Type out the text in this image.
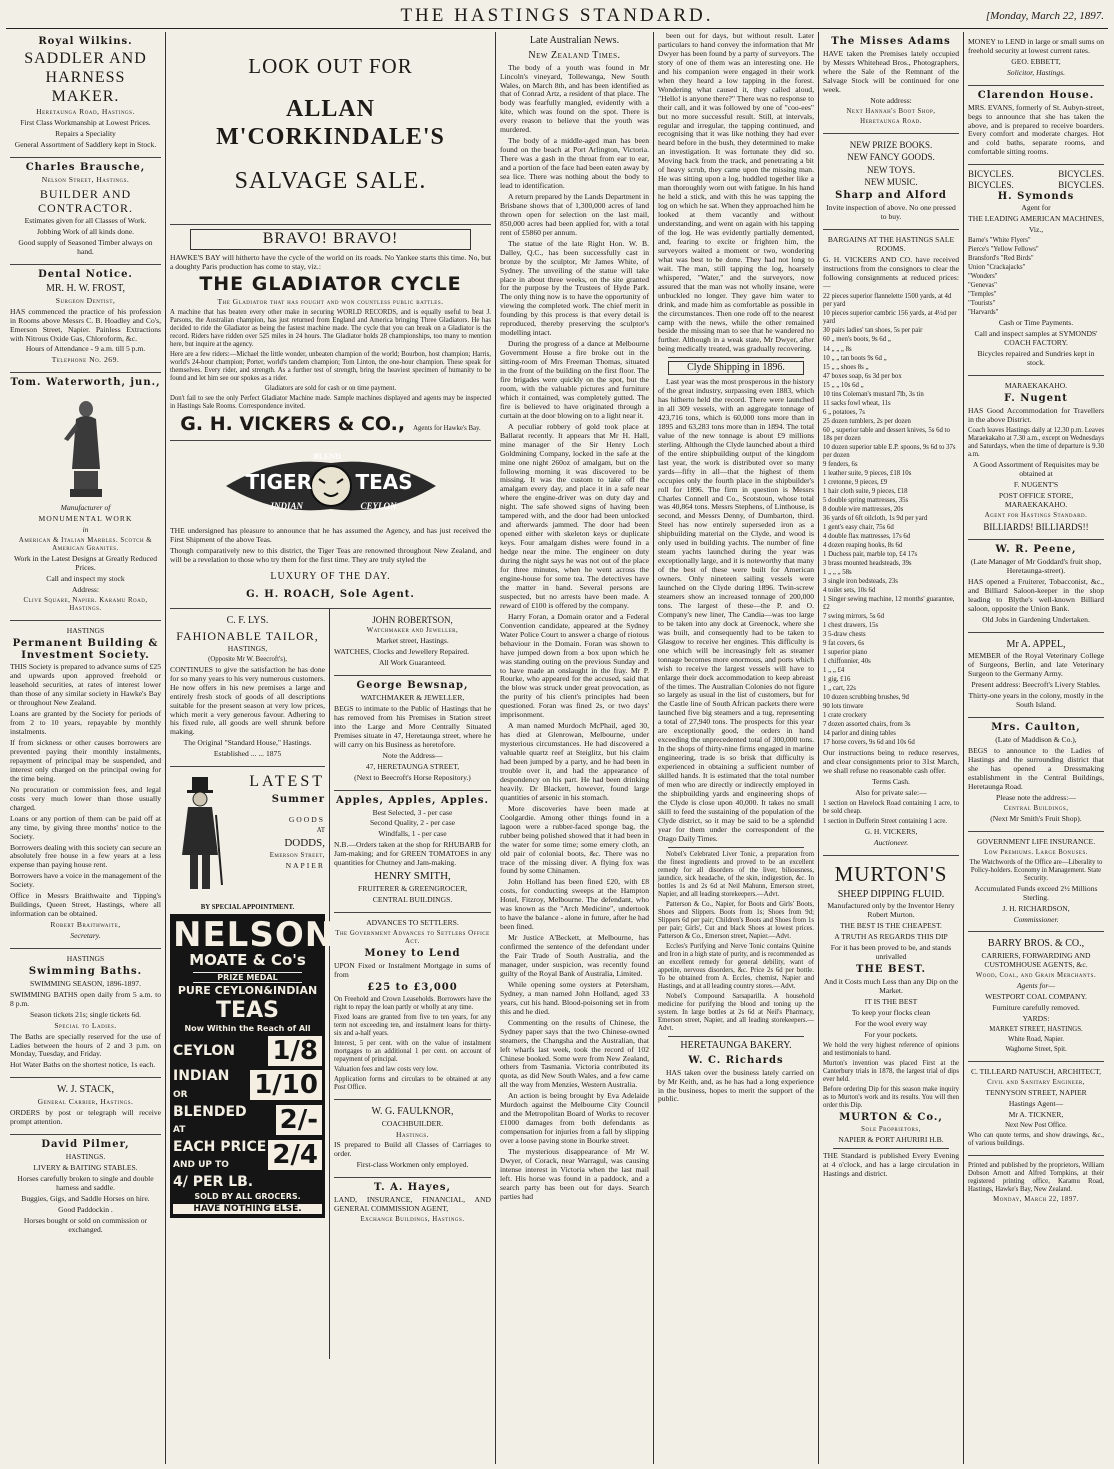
THE HASTINGS STANDARD.	[Monday, March 22, 1897.
Royal Wilkins.

SADDLER AND HARNESS MAKER.

Heretaunga Road, Hastings.

First Class Workmanship at Lowest Prices.

Repairs a Speciality

General Assortment of Saddlery kept in Stock.

Charles Brausche,

Nelson Street, Hastings.

BUILDER AND CONTRACTOR.

Estimates given for all Classes of Work.

Jobbing Work of all kinds done.

Good supply of Seasoned Timber always on hand.

Dental Notice.

MR. H. W. FROST,

Surgeon Dentist,

HAS commenced the practice of his profession in Rooms above Messrs C. B. Hoadley and Co's, Emerson Street, Napier. Painless Extractions with Nitrous Oxide Gas, Chloroform, &c.

Hours of Attendance - 9 a.m. till 5 p.m.

Telephone No. 269.

Tom. Waterworth, jun.,

Manufacturer of

MONUMENTAL WORK

in

American & Italian Marbles. Scotch & American Granites.

Work in the Latest Designs at Greatly Reduced Prices.

Call and inspect my stock

Address:

Clive Square, Napier. Karamu Road, Hastings.

HASTINGS

Permanent Building & Investment Society.

THIS Society is prepared to advance sums of £25 and upwards upon approved freehold or leasehold securities, at rates of interest lower than those of any similar society in Hawke's Bay or throughout New Zealand.

Loans are granted by the Society for periods of from 2 to 10 years, repayable by monthly instalments.

If from sickness or other causes borrowers are prevented paying their monthly instalments, repayment of principal may be suspended, and interest only charged on the principal owing for the time being.

No procuration or commission fees, and legal costs very much lower than those usually charged.

Loans or any portion of them can be paid off at any time, by giving three months' notice to the Society.

Borrowers dealing with this society can secure an absolutely free house in a few years at a less expense than paying house rent.

Borrowers have a voice in the management of the Society.

Office in Messrs Braithwaite and Tipping's Buildings, Queen Street, Hastings, where all information can be obtained.

Robert Braithwaite,

Secretary.

HASTINGS

Swimming Baths.

SWIMMING SEASON, 1896-1897.

SWIMMING BATHS open daily from 5 a.m. to 8 p.m.

Season tickets 21s; single tickets 6d.

Special to Ladies.

The Baths are specially reserved for the use of Ladies between the hours of 2 and 3 p.m. on Monday, Tuesday, and Friday.

Hot Water Baths on the shortest notice, 1s each.

W. J. STACK,

General Carrier, Hastings.

ORDERS by post or telegraph will receive prompt attention.

David Pilmer,

HASTINGS.

LIVERY & BAITING STABLES.

Horses carefully broken to single and double harness and saddle.

Buggies, Gigs, and Saddle Horses on hire.

Good Paddockin .

Horses bought or sold on commission or exchanged.

LOOK OUT FOR

ALLAN M'CORKINDALE'S

SALVAGE SALE.

BRAVO! BRAVO!

HAWKE'S BAY will hitherto have the cycle of the world on its roads. No Yankee starts this time. No, but a doughty Paris production has come to stay, viz.:

THE GLADIATOR CYCLE

The Gladiator that has fought and won countless public battles.

A machine that has beaten every other make in securing WORLD RECORDS, and is equally useful to beat J. Parsons, the Australian champion, has just returned from England and America bringing Three Gladiators. He has decided to ride the Gladiator as being the fastest machine made. The cycle that you can break on a Gladiator is the record. Riders have ridden over 525 miles in 24 hours. The Gladiator holds 28 championships, too many to mention here, but inquire at the agency.

Here are a few riders:—Michael the little wonder, unbeaten champion of the world; Bourbon, host champion; Harris, world's 24-hour champion; Porter, world's tandem champion; Tom Linton, the one-hour champion. These speak for themselves. Every rider, and strength. As a further test of strength, bring the heaviest specimen of humanity to be found and let him see our spokes as a rider.

Gladiators are sold for cash or on time payment.

Don't fail to see the only Perfect Gladiator Machine made. Sample machines displayed and agents may be inspected in Hastings Sale Rooms. Correspondence invited.

G. H. VICKERS & CO., Agents for Hawke's Bay.
BLEND
TIGER TEAS
INDIAN	CEYLON

THE undersigned has pleasure to announce that he has assumed the Agency, and has just received the First Shipment of the above Teas.

Though comparatively new to this district, the Tiger Teas are renowned throughout New Zealand, and will be a revelation to those who try them for the first time. They are truly styled the

LUXURY OF THE DAY.

G. H. ROACH, Sole Agent.

C. F. LYS.

FAHIONABLE TAILOR,

HASTINGS,

(Opposite Mr W. Beecroft's),

CONTINUES to give the satisfaction he has done for so many years to his very numerous customers. He now offers in his new premises a large and entirely fresh stock of goods of all descriptions suitable for the present season at very low prices, which merit a very generous favour. Adhering to his fixed rule, all goods are well shrunk before making.

The Original "Standard House," Hastings.

Established ... ... 1875

LATEST

Summer

GOODS

AT

DODDS,

Emerson Street,

NAPIER

BY SPECIAL APPOINTMENT.

NELSON
MOATE & Co's
PRIZE MEDAL
PURE CEYLON&INDIAN
TEAS
Now Within the Reach of All
CEYLON 1/8
INDIAN
OR	1/10
BLENDED
AT	2/-
EACH PRICE
AND UP TO	2/4
4/ PER LB.
SOLD BY ALL GROCERS.
HAVE NOTHING ELSE.

JOHN ROBERTSON,

Watchmaker and Jeweller,

Market street, Hastings.

WATCHES, Clocks and Jewellery Repaired.

All Work Guaranteed.

George Bewsnap,

WATCHMAKER & JEWELLER,

BEGS to intimate to the Public of Hastings that he has removed from his Premises in Station street into the Large and More Centrally Situated Premises situate in 47, Heretaunga street, where he will carry on his Business as heretofore.

Note the Address—

47, HERETAUNGA STREET,

(Next to Beecroft's Horse Repository.)

Apples, Apples, Apples.

Best Selected, 3 - per case

Second Quality, 2 - per case

Windfalls, 1 - per case

N.B.—Orders taken at the shop for RHUBARB for Jam-making; and for GREEN TOMATOES in any quantities for Chutney and Jam-making.

HENRY SMITH,

FRUITERER & GREENGROCER,

CENTRAL BUILDINGS.

ADVANCES TO SETTLERS.

The Government Advances to Settlers Office Act.

Money to Lend

UPON Fixed or Instalment Mortgage in sums of from

£25 to £3,000

On Freehold and Crown Leaseholds. Borrowers have the right to repay the loan partly or wholly at any time.

Fixed loans are granted from five to ten years, for any term not exceeding ten, and instalment loans for thirty-six and a-half years.

Interest, 5 per cent. with on the value of instalment mortgages to an additional 1 per cent. on account of repayment of principal.

Valuation fees and law costs very low.

Application forms and circulars to be obtained at any Post Office.

W. G. FAULKNOR,

COACHBUILDER.

Hastings.

IS prepared to Build all Classes of Carriages to order.

First-class Workmen only employed.

T. A. Hayes,

LAND, INSURANCE, FINANCIAL, AND GENERAL COMMISSION AGENT,

Exchange Buildings, Hastings.

Late Australian News.
New Zealand Times.

The body of a youth was found in Mr Lincoln's vineyard, Tollewanga, New South Wales, on March 8th, and has been identified as that of Conrad Artz, a resident of that place. The body was fearfully mangled, evidently with a kite, which was found on the spot. There is every reason to believe that the youth was murdered.

The body of a middle-aged man has been found on the beach at Port Arlington, Victoria. There was a gash in the throat from ear to ear, and a portion of the face had been eaten away by sea lice. There was nothing about the body to lead to identification.

A return prepared by the Lands Department in Brisbane shows that of 1,300,000 acres of land thrown open for selection on the last mail, 850,000 acres had been applied for, with a total rent of £5860 per annum.

The statue of the late Right Hon. W. B. Dalley, Q.C., has been successfully cast in bronze by the sculptor, Mr James White, of Sydney. The unveiling of the statue will take place in about three weeks, on the site granted for the purpose by the Trustees of Hyde Park. The only thing now is to have the opportunity of viewing the completed work. The chief merit in founding by this process is that every detail is reproduced, thereby preserving the sculptor's modelling intact.

During the progress of a dance at Melbourne Government House a fire broke out in the sitting-room of Mrs Freeman Thomas, situated in the front of the building on the first floor. The fire brigades were quickly on the spot, but the room, with the valuable pictures and furniture which it contained, was completely gutted. The fire is believed to have originated through a curtain at the door blowing on to a light near it.

A peculiar robbery of gold took place at Ballarat recently. It appears that Mr H. Hall, mine manager of the Sir Henry Loch Goldmining Company, locked in the safe at the mine one night 260oz of amalgam, but on the following morning it was discovered to be missing. It was the custom to take off the amalgam every day, and place it in a safe near where the engine-driver was on duty day and night. The safe showed signs of having been tampered with, and the door had been unlocked and afterwards jammed. The door had been opened either with skeleton keys or duplicate keys. Four amalgam dishes were found in a hedge near the mine. The engineer on duty during the night says he was not out of the place for three minutes, when he went across the engine-house for some tea. The detectives have the matter in hand. Several persons are suspected, but no arrests have been made. A reward of £100 is offered by the company.

Harry Foran, a Domain orator and a Federal Convention candidate, appeared at the Sydney Water Police Court to answer a charge of riotous behaviour in the Domain. Foran was shown to have jumped down from a box upon which he was standing outing on the previous Sunday and to have made an onslaught in the fray. Mr P. Rourke, who appeared for the accused, said that the blow was struck under great provocation, as the purity of his client's principles had been questioned. Foran was fined 2s, or two days' imprisonment.

A man named Murdoch McPhail, aged 30, has died at Glenrowan, Melbourne, under mysterious circumstances. He had discovered a valuable quartz reef at Steiglitz, but his claim had been jumped by a party, and he had been in trouble over it, and had the appearance of despondency on his part. He had been drinking heavily. Dr Blackett, however, found large quantities of arsenic in his stomach.

More discoveries have been made at Coolgardie. Among other things found in a lagoon were a rubber-faced sponge bag, the rubber being polished showed that it had been in the water for some time; some emery cloth, an old pair of colonial boots, &c. There was no trace of the missing diver. A flying fox was found by some Chinamen.

John Holland has been fined £20, with £8 costs, for conducting sweeps at the Hampton Hotel, Fitzroy, Melbourne. The defendant, who was known as the "Arch Medicine", undertook to have the balance - alone in future, after he had been fined.

Mr Justice A'Beckett, at Melbourne, has confirmed the sentence of the defendant under the Fair Trade of South Australia, and the manager, under suspicion, was recently found guilty of the Royal Bank of Australia, Limited.

While opening some oysters at Petersham, Sydney, a man named John Holland, aged 33 years, cut his hand. Blood-poisoning set in from this and he died.

Commenting on the results of Chinese, the Sydney paper says that the two Chinese-owned steamers, the Changsha and the Australian, that left wharfs last week, took the record of 102 Chinese booked. Some were from New Zealand, others from Tasmania. Victoria contributed its quota, as did New South Wales, and a few came all the way from Menzies, Western Australia.

An action is being brought by Eva Adelaide Murdoch against the Melbourne City Council and the Metropolitan Board of Works to recover £1000 damages from both defendants as compensation for injuries from a fall by slipping over a loose paving stone in Bourke street.

The mysterious disappearance of Mr W. Dwyer, of Corack, near Warragul, was causing intense interest in Victoria when the last mail left. His horse was found in a paddock, and a search party has been out for days. Search parties had

been out for days, but without result. Later particulars to hand convey the information that Mr Dwyer has been found by a party of surveyors. The story of one of them was an interesting one. He and his companion were engaged in their work when they heard a low tapping in the forest. Wondering what caused it, they called aloud, "Hello! is anyone there?" There was no response to their call, and it was followed by one of "coo-ees" but no more successful result. Still, at intervals, regular and irregular, the tapping continued, and recognising that it was like nothing they had ever heard before in the bush, they determined to make an investigation. It was fortunate they did so. Moving back from the track, and penetrating a bit of heavy scrub, they came upon the missing man. He was sitting upon a log, huddled together like a man thoroughly worn out with fatigue. In his hand he held a stick, and with this he was tapping the log on which he sat. When they approached him he looked at them vacantly and without understanding, and went on again with his tapping of the log. He was evidently partially demented, and, fearing to excite or frighten him, the surveyors waited a moment or two, wondering what was best to be done. They had not long to wait. The man, still tapping the log, hoarsely whispered, "Water," and the surveyors, now assured that the man was not wholly insane, were unbuckled no longer. They gave him water to drink, and made him as comfortable as possible in the circumstances. Then one rode off to the nearest camp with the news, while the other remained beside the missing man to see that he wandered no further. Although in a weak state, Mr Dwyer, after being medically treated, was gradually recovering.

Clyde Shipping in 1896.

Last year was the most prosperous in the history of the great industry, surpassing even 1883, which has hitherto held the record. There were launched in all 309 vessels, with an aggregate tonnage of 423,716 tons, which is 60,000 tons more than in 1895 and 63,283 tons more than in 1894. The total value of the new tonnage is about £9 millions sterling. Although the Clyde launched about a third of the entire shipbuilding output of the kingdom last year, the work is distributed over so many yards—fifty in all—that the highest of them occupies only the fourth place in the shipbuilder's roll for 1896. The firm in question is Messrs Charles Connell and Co., Scotstoun, whose total was 40,864 tons. Messrs Stephens, of Linthouse, is second, and Messrs Denny, of Dumbarton, third. Steel has now entirely superseded iron as a shipbuilding material on the Clyde, and wood is only used in building yachts. The number of fine steam yachts launched during the year was exceptionally large, and it is noteworthy that many of the best of these were built for American owners. Only nineteen sailing vessels were launched on the Clyde during 1896. Twin-screw steamers show an increased tonnage of 200,000 tons. The largest of these—the P. and O. Company's new liner, The Candia—was too large to be taken into any dock at Greenock, where she was built, and consequently had to be taken to Glasgow to receive her engines. This difficulty is one which will be increasingly felt as steamer tonnage becomes more enormous, and ports which wish to receive the largest vessels will have to enlarge their dock accommodation to keep abreast of the times. The Australian Colonies do not figure so largely as usual in the list of customers, but for the Castle line of South African packets there were launched five big steamers and a tug, representing a total of 27,940 tons. The prospects for this year are exceptionally good, the orders in hand exceeding the unprecedented total of 300,000 tons. In the shops of thirty-nine firms engaged in marine engineering, trade is so brisk that difficulty is experienced in obtaining a sufficient number of skilled hands. It is estimated that the total number of men who are directly or indirectly employed in the shipbuilding yards and engineering shops of the Clyde is close upon 40,000. It takes no small skill to feed the sustaining of the population of the Clyde district, so it may be said to be a splendid year for them under the correspondent of the Otago Daily Times.

Nobel's Celebrated Liver Tonic, a preparation from the finest ingredients and proved to be an excellent remedy for all disorders of the liver, biliousness, jaundice, sick headache, of the skin, indigestion, &c. In bottles 1s and 2s 6d at Neil Mahunn, Emerson street, Napier, and all leading storekeepers.—Advt.

Patterson & Co., Napier, for Boots and Girls' Boots, Shoes and Slippers. Boots from 1s; Shoes from 9d; Slippers 6d per pair; Children's Boots and Shoes from 1s per pair; Girls', Cut and black Shoes at lowest prices. Patterson & Co., Emerson street, Napier.—Advt.

Eccles's Purifying and Nerve Tonic contains Quinine and Iron in a high state of purity, and is recommended as an excellent remedy for general debility, want of appetite, nervous disorders, &c. Price 2s 6d per bottle. To be obtained from A. Eccles, chemist, Napier and Hastings, and at all leading country stores.—Advt.

Nobel's Compound Sarsaparilla. A household medicine for purifying the blood and toning up the system. In large bottles at 2s 6d at Neil's Pharmacy, Emerson street, Napier, and all leading storekeepers.—Advt.

HERETAUNGA BAKERY.
W. C. Richards

HAS taken over the business lately carried on by Mr Keith, and, as he has had a long experience in the business, hopes to merit the support of the public.

The Misses Adams

HAVE taken the Premises lately occupied by Messrs Whitehead Bros., Photographers, where the Sale of the Remnant of the Salvage Stock will be continued for one week.

Note address:

Next Hannah's Boot Shop,

Heretaunga Road.

NEW PRIZE BOOKS.

NEW FANCY GOODS.

NEW TOYS.

NEW MUSIC.

Sharp and Alford

Invite inspection of above. No one pressed to buy.

BARGAINS AT THE HASTINGS SALE ROOMS.

G. H. VICKERS AND CO. have received instructions from the consignors to clear the following consignments at reduced prices:—

22 pieces superior flannelette 1500 yards, at 4d per yard

10 pieces superior cambric 156 yards, at 4½d per yard

30 pairs ladies' tan shoes, 5s per pair

60 „ men's boots, 9s 6d „

14 „ „ „ 8s

10 „ „ tan boots 9s 6d „

15 „ „ shoes 8s „

47 boxes soap, 6s 3d per box

15 „ „ 10s 6d „

10 tins Coleman's mustard 7lb, 3s tin

11 sacks fowl wheat, 11s

6 „ potatoes, 7s

25 dozen tumblers, 2s per dozen

60 „ superior table and dessert knives, 5s 6d to 18s per dozen

10 dozen superior table E.P. spoons, 9s 6d to 37s per dozen

9 fenders, 6s

1 leather suite, 9 pieces, £18 10s

1 cretonne, 9 pieces, £9

1 hair cloth suite, 9 pieces, £18

5 double spring mattresses, 35s

8 double wire mattresses, 20s

36 yards of 6ft oilcloth, 1s 9d per yard

1 gent's easy chair, 75s 6d

4 double flax mattresses, 17s 6d

4 dozen reaping hooks, 8s 6d

1 Duchess pair, marble top, £4 17s

3 brass mounted headsteads, 39s

1 „ „ „ 58s

3 single iron bedsteads, 23s

4 toilet sets, 10s 6d

1 Singer sewing machine, 12 months' guarantee, £2

7 swing mirrors, 5s 6d

1 chest drawers, 15s

3 5-draw chests

9 fat covers, 6s

1 superior piano

1 chiffonnier, 40s

1 „ „ £4

1 gig, £16

1 „ cart, 22s

10 dozen scrubbing brushes, 9d

90 lots tinware

1 crate crockery

7 dozen assorted chairs, from 3s

14 parlor and dining tables

17 horse covers, 9s 6d and 10s 6d

Our instructions being to reduce reserves, and clear consignments prior to 31st March, we shall refuse no reasonable cash offer.

Terms Cash.

Also for private sale:—

1 section on Havelock Road containing 1 acre, to be sold cheap.

1 section in Dufferin Street containing 1 acre.

G. H. VICKERS,

Auctioneer.

MURTON'S

SHEEP DIPPING FLUID.

Manufactured only by the Inventor Henry Robert Murton.

THE BEST IS THE CHEAPEST.

A TRUTH AS REGARDS THIS DIP

For it has been proved to be, and stands unrivalled

THE BEST.

And it Costs much Less than any Dip on the Market.

IT IS THE BEST

To keep your flocks clean

For the wool every way

For your pockets.

We hold the very highest reference of opinions and testimonials to hand.

Murton's invention was placed First at the Canterbury trials in 1878, the largest trial of dips ever held.

Before ordering Dip for this season make inquiry as to Murton's work and its results. You will then order this Dip.

MURTON & Co.,

Sole Proprietors,

NAPIER & PORT AHURIRI H.B.

THE Standard is published Every Evening at 4 o'clock, and has a large circulation in Hastings and district.

MONEY to LEND in large or small sums on freehold security at lowest current rates.

GEO. EBBETT,

Solicitor, Hastings.

Clarendon House.

MRS. EVANS, formerly of St. Aubyn-street, begs to announce that she has taken the above, and is prepared to receive boarders. Every comfort and moderate charges. Hot and cold baths, separate rooms, and comfortable sitting rooms.

BICYCLES.
BICYCLES.
BICYCLES.
BICYCLES.
H. Symonds

Agent for

THE LEADING AMERICAN MACHINES,

Viz.,

Barne's "White Flyers"

Pierce's "Yellow Fellows"

Bransford's "Red Birds"

Union "Crackajacks"

"Wonders"

"Genevas"

"Temples"

"Tourists"

"Harvards"

Cash or Time Payments.

Call and inspect samples at SYMONDS' COACH FACTORY.

Bicycles repaired and Sundries kept in stock.

MARAEKAKAHO.

F. Nugent

HAS Good Accommodation for Travellers in the above District.

Coach leaves Hastings daily at 12.30 p.m. Leaves Maraekakaho at 7.30 a.m., except on Wednesdays and Saturdays, when the time of departure is 9.30 a.m.

A Good Assortment of Requisites may be obtained at

F. NUGENT'S

POST OFFICE STORE, MARAEKAKAHO.

Agent for Hastings Standard.

BILLIARDS! BILLIARDS!!

W. R. Peene,

(Late Manager of Mr Goddard's fruit shop, Heretaunga-street).

HAS opened a Fruiterer, Tobacconist, &c., and Billiard Saloon-keeper in the shop leading to Blythe's well-known Billiard saloon, opposite the Union Bank.

Old Jobs in Gardening Undertaken.

Mr A. APPEL,

MEMBER of the Royal Veterinary College of Surgeons, Berlin, and late Veterinary Surgeon to the Germany Army.

Present address: Beecroft's Livery Stables.

Thirty-one years in the colony, mostly in the South Island.

Mrs. Caulton,

(Late of Maddison & Co.),

BEGS to announce to the Ladies of Hastings and the surrounding district that she has opened a Dressmaking establishment in the Central Buildings, Heretaunga Road.

Please note the address:—

Central Buildings,

(Next Mr Smith's Fruit Shop).

GOVERNMENT LIFE INSURANCE.

Low Premiums. Large Bonuses.

The Watchwords of the Office are—Liberality to Policy-holders. Economy in Management. State Security.

Accumulated Funds exceed 2½ Millions Sterling.

J. H. RICHARDSON,

Commissioner.

BARRY BROS. & CO.,

CARRIERS, FORWARDING AND CUSTOMHOUSE AGENTS, &c.

Wood, Coal, and Grain Merchants.

Agents for—

WESTPORT COAL COMPANY.

Furniture carefully removed.

YARDS:

MARKET STREET, HASTINGS.

White Road, Napier.

Waghorne Street, Spit.

C. TILLEARD NATUSCH, ARCHITECT,

Civil and Sanitary Engineer,

TENNYSON STREET, NAPIER

Hastings Agent—

Mr A. TICKNER,

Next New Post Office.

Who can quote terms, and show drawings, &c., of various buildings.

Printed and published by the proprietors, William Dobson Arnott and Alfred Tompkins, at their registered printing office, Karamu Road, Hastings, Hawke's Bay, New Zealand.

Monday, March 22, 1897.
